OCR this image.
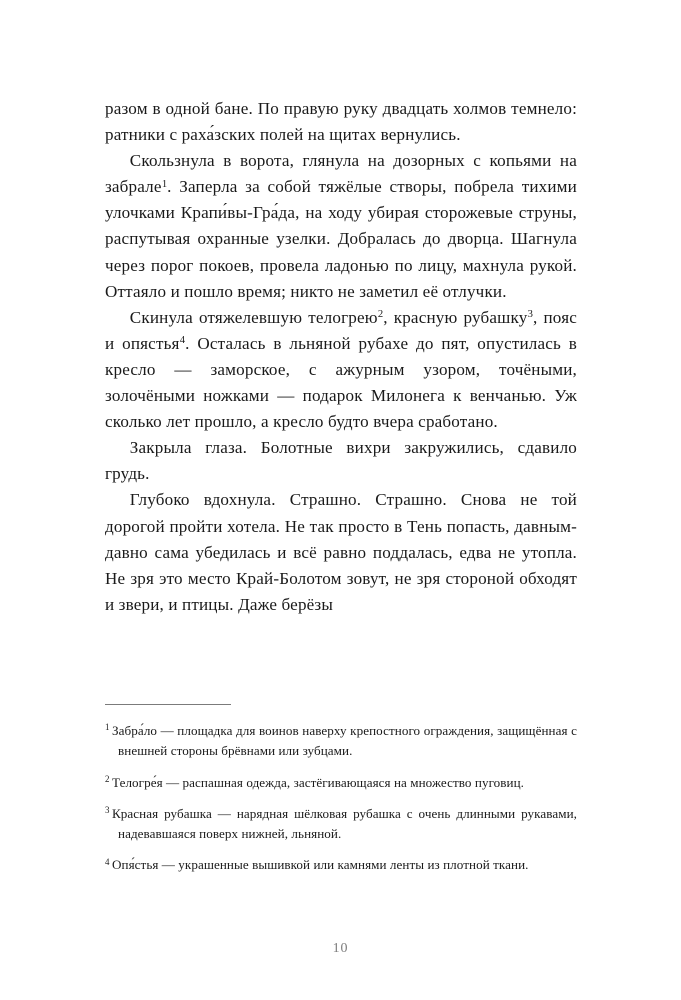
разом в одной бане. По правую руку двадцать холмов темнело: ратники с раха́зских полей на щитах вернулись.

Скользнула в ворота, глянула на дозорных с копьями на забрале$^1$. Заперла за собой тяжёлые створы, побрела тихими улочками Крапи́вы-Гра́да, на ходу убирая сторожевые струны, распутывая охранные узелки. Добралась до дворца. Шагнула через порог покоев, провела ладонью по лицу, махнула рукой. Оттаяло и пошло время; никто не заметил её отлучки.

Скинула отяжелевшую телогрею$^2$, красную рубашку$^3$, пояс и опястья$^4$. Осталась в льняной рубахе до пят, опустилась в кресло — заморское, с ажурным узором, точёными, золочёными ножками — подарок Милонега к венчанью. Уж сколько лет прошло, а кресло будто вчера сработано.

Закрыла глаза. Болотные вихри закружились, сдавило грудь.

Глубоко вдохнула. Страшно. Страшно. Снова не той дорогой пройти хотела. Не так просто в Тень попасть, давным-давно сама убедилась и всё равно поддалась, едва не утопла. Не зря это место Край-Болотом зовут, не зря стороной обходят и звери, и птицы. Даже берёзы

$^1$ Забра́ло — площадка для воинов наверху крепостного ограждения, защищённая с внешней стороны брёвнами или зубцами.

$^2$ Телогре́я — распашная одежда, застёгивающаяся на множество пуговиц.

$^3$ Красная рубашка — нарядная шёлковая рубашка с очень длинными рукавами, надевавшаяся поверх нижней, льняной.

$^4$ Опя́стья — украшенные вышивкой или камнями ленты из плотной ткани.

10
